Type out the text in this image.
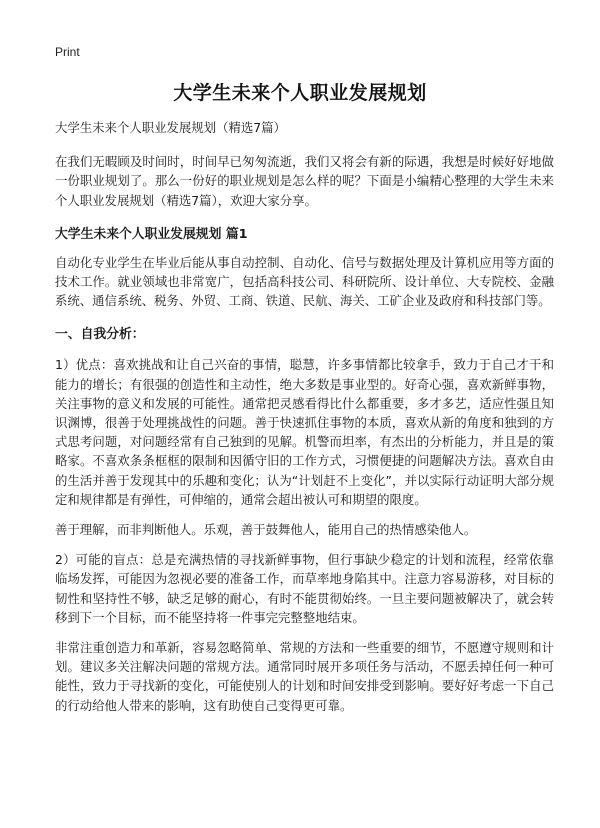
Print
大学生未来个人职业发展规划

大学生未来个人职业发展规划（精选7篇）

在我们无暇顾及时间时，时间早已匆匆流逝，我们又将会有新的际遇，我想是时候好好地做一份职业规划了。那么一份好的职业规划是怎么样的呢？下面是小编精心整理的大学生未来个人职业发展规划（精选7篇），欢迎大家分享。

大学生未来个人职业发展规划 篇1

自动化专业学生在毕业后能从事自动控制、自动化、信号与数据处理及计算机应用等方面的技术工作。就业领域也非常宽广，包括高科技公司、科研院所、设计单位、大专院校、金融系统、通信系统、税务、外贸、工商、铁道、民航、海关、工矿企业及政府和科技部门等。

一、自我分析：

1）优点：喜欢挑战和让自己兴奋的事情，聪慧，许多事情都比较拿手，致力于自己才干和能力的增长；有很强的创造性和主动性，绝大多数是事业型的。好奇心强，喜欢新鲜事物，关注事物的意义和发展的可能性。通常把灵感看得比什么都重要，多才多艺，适应性强且知识渊博，很善于处理挑战性的问题。善于快速抓住事物的本质，喜欢从新的角度和独到的方式思考问题，对问题经常有自己独到的见解。机警而坦率，有杰出的分析能力，并且是的策略家。不喜欢条条框框的限制和因循守旧的工作方式，习惯便捷的问题解决方法。喜欢自由的生活并善于发现其中的乐趣和变化；认为“计划赶不上变化”，并以实际行动证明大部分规定和规律都是有弹性，可伸缩的，通常会超出被认可和期望的限度。

善于理解，而非判断他人。乐观，善于鼓舞他人，能用自己的热情感染他人。

2）可能的盲点：总是充满热情的寻找新鲜事物，但行事缺少稳定的计划和流程，经常依靠临场发挥，可能因为忽视必要的准备工作，而草率地身陷其中。注意力容易游移，对目标的韧性和坚持性不够，缺乏足够的耐心，有时不能贯彻始终。一旦主要问题被解决了，就会转移到下一个目标，而不能坚持将一件事完完整整地结束。

非常注重创造力和革新，容易忽略简单、常规的方法和一些重要的细节，不愿遵守规则和计划。建议多关注解决问题的常规方法。通常同时展开多项任务与活动，不愿丢掉任何一种可能性，致力于寻找新的变化，可能使别人的计划和时间安排受到影响。要好好考虑一下自己的行动给他人带来的影响，这有助使自己变得更可靠。
